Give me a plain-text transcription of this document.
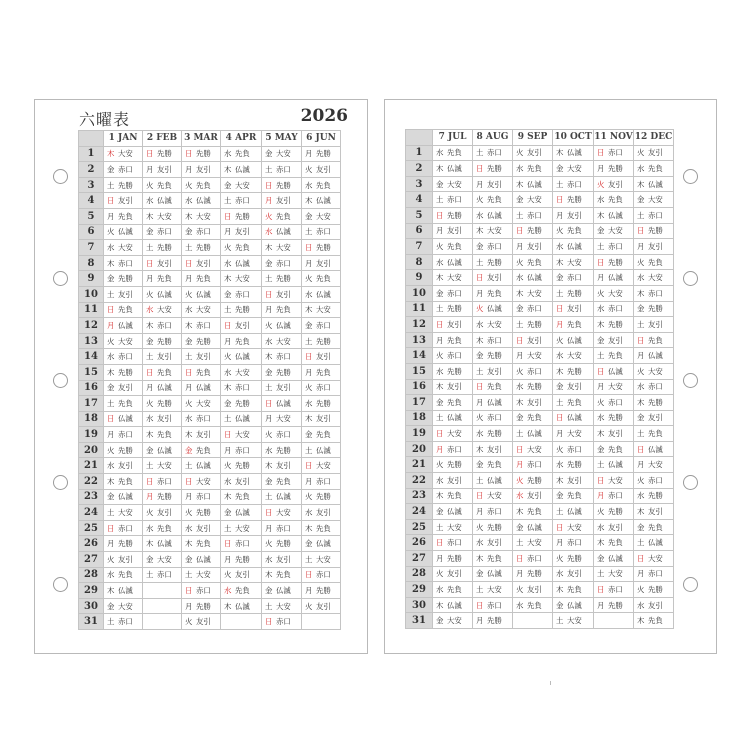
六曜表	2026
	1 JAN	2 FEB	3 MAR	4 APR	5 MAY	6 JUN
1	木 大安	日 先勝	日 先勝	水 先負	金 大安	月 先勝
2	金 赤口	月 友引	月 友引	木 仏滅	土 赤口	火 友引
3	土 先勝	火 先負	火 先負	金 大安	日 先勝	水 先負
4	日 友引	水 仏滅	水 仏滅	土 赤口	月 友引	木 仏滅
5	月 先負	木 大安	木 大安	日 先勝	火 先負	金 大安
6	火 仏滅	金 赤口	金 赤口	月 友引	水 仏滅	土 赤口
7	水 大安	土 先勝	土 先勝	火 先負	木 大安	日 先勝
8	木 赤口	日 友引	日 友引	水 仏滅	金 赤口	月 友引
9	金 先勝	月 先負	月 先負	木 大安	土 先勝	火 先負
10	土 友引	火 仏滅	火 仏滅	金 赤口	日 友引	水 仏滅
11	日 先負	水 大安	水 大安	土 先勝	月 先負	木 大安
12	月 仏滅	木 赤口	木 赤口	日 友引	火 仏滅	金 赤口
13	火 大安	金 先勝	金 先勝	月 先負	水 大安	土 先勝
14	水 赤口	土 友引	土 友引	火 仏滅	木 赤口	日 友引
15	木 先勝	日 先負	日 先負	水 大安	金 先勝	月 先負
16	金 友引	月 仏滅	月 仏滅	木 赤口	土 友引	火 赤口
17	土 先負	火 先勝	火 大安	金 先勝	日 仏滅	水 先勝
18	日 仏滅	水 友引	水 赤口	土 仏滅	月 大安	木 友引
19	月 赤口	木 先負	木 友引	日 大安	火 赤口	金 先負
20	火 先勝	金 仏滅	金 先負	月 赤口	水 先勝	土 仏滅
21	水 友引	土 大安	土 仏滅	火 先勝	木 友引	日 大安
22	木 先負	日 赤口	日 大安	水 友引	金 先負	月 赤口
23	金 仏滅	月 先勝	月 赤口	木 先負	土 仏滅	火 先勝
24	土 大安	火 友引	火 先勝	金 仏滅	日 大安	水 友引
25	日 赤口	水 先負	水 友引	土 大安	月 赤口	木 先負
26	月 先勝	木 仏滅	木 先負	日 赤口	火 先勝	金 仏滅
27	火 友引	金 大安	金 仏滅	月 先勝	水 友引	土 大安
28	水 先負	土 赤口	土 大安	火 友引	木 先負	日 赤口
29	木 仏滅		日 赤口	水 先負	金 仏滅	月 先勝
30	金 大安		月 先勝	木 仏滅	土 大安	火 友引
31	土 赤口		火 友引		日 赤口	
	7 JUL	8 AUG	9 SEP	10 OCT	11 NOV	12 DEC
1	水 先負	土 赤口	火 友引	木 仏滅	日 赤口	火 友引
2	木 仏滅	日 先勝	水 先負	金 大安	月 先勝	水 先負
3	金 大安	月 友引	木 仏滅	土 赤口	火 友引	木 仏滅
4	土 赤口	火 先負	金 大安	日 先勝	水 先負	金 大安
5	日 先勝	水 仏滅	土 赤口	月 友引	木 仏滅	土 赤口
6	月 友引	木 大安	日 先勝	火 先負	金 大安	日 先勝
7	火 先負	金 赤口	月 友引	水 仏滅	土 赤口	月 友引
8	水 仏滅	土 先勝	火 先負	木 大安	日 先勝	火 先負
9	木 大安	日 友引	水 仏滅	金 赤口	月 仏滅	水 大安
10	金 赤口	月 先負	木 大安	土 先勝	火 大安	木 赤口
11	土 先勝	火 仏滅	金 赤口	日 友引	水 赤口	金 先勝
12	日 友引	水 大安	土 先勝	月 先負	木 先勝	土 友引
13	月 先負	木 赤口	日 友引	火 仏滅	金 友引	日 先負
14	火 赤口	金 先勝	月 大安	水 大安	土 先負	月 仏滅
15	水 先勝	土 友引	火 赤口	木 先勝	日 仏滅	火 大安
16	木 友引	日 先負	水 先勝	金 友引	月 大安	水 赤口
17	金 先負	月 仏滅	木 友引	土 先負	火 赤口	木 先勝
18	土 仏滅	火 赤口	金 先負	日 仏滅	水 先勝	金 友引
19	日 大安	水 先勝	土 仏滅	月 大安	木 友引	土 先負
20	月 赤口	木 友引	日 大安	火 赤口	金 先負	日 仏滅
21	火 先勝	金 先負	月 赤口	水 先勝	土 仏滅	月 大安
22	水 友引	土 仏滅	火 先勝	木 友引	日 大安	火 赤口
23	木 先負	日 大安	水 友引	金 先負	月 赤口	水 先勝
24	金 仏滅	月 赤口	木 先負	土 仏滅	火 先勝	木 友引
25	土 大安	火 先勝	金 仏滅	日 大安	水 友引	金 先負
26	日 赤口	水 友引	土 大安	月 赤口	木 先負	土 仏滅
27	月 先勝	木 先負	日 赤口	火 先勝	金 仏滅	日 大安
28	火 友引	金 仏滅	月 先勝	水 友引	土 大安	月 赤口
29	水 先負	土 大安	火 友引	木 先負	日 赤口	火 先勝
30	木 仏滅	日 赤口	水 先負	金 仏滅	月 先勝	水 友引
31	金 大安	月 先勝		土 大安		木 先負
